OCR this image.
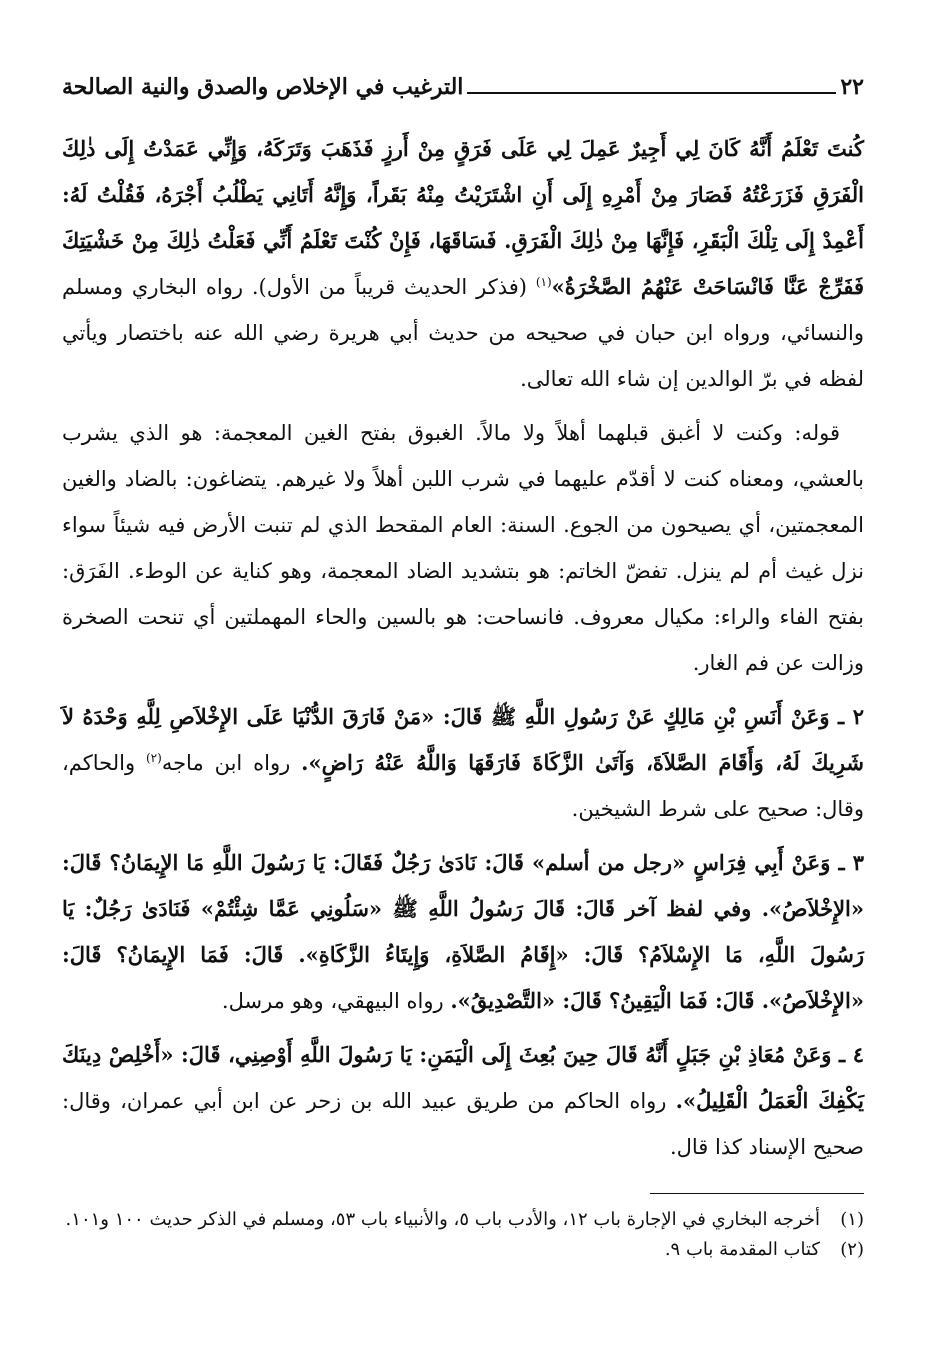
٢٢
الترغيب في الإخلاص والصدق والنية الصالحة

كُنتَ تَعْلَمُ أَنَّهُ كَانَ لِي أَجِيرٌ عَمِلَ لِي عَلَى فَرَقٍ مِنْ أَرزٍ فَذَهَبَ وَتَرَكَهُ، وَإِنِّي عَمَدْتُ إِلَى ذٰلِكَ الْفَرَقِ فَزَرَعْتُهُ فَصَارَ مِنْ أَمْرِهِ إِلَى أَنِ اشْتَرَيْتُ مِنْهُ بَقَراً، وَإِنَّهُ أَتَانِي يَطْلُبُ أَجْرَهُ، فَقُلْتُ لَهُ: أَعْمِدْ إِلَى تِلْكَ الْبَقَرِ، فَإِنَّهَا مِنْ ذٰلِكَ الْفَرَقِ. فَسَاقَهَا، فَإِنْ كُنْتَ تَعْلَمُ أَنِّي فَعَلْتُ ذٰلِكَ مِنْ خَشْيَتِكَ فَفَرِّجْ عَنَّا فَانْسَاحَتْ عَنْهُمُ الصَّخْرَةُ»$^{(١)}$ (فذكر الحديث قريباً من الأول). رواه البخاري ومسلم والنسائي، ورواه ابن حبان في صحيحه من حديث أبي هريرة رضي الله عنه باختصار ويأتي لفظه في برّ الوالدين إن شاء الله تعالى.

قوله: وكنت لا أغبق قبلهما أهلاً ولا مالاً. الغبوق بفتح الغين المعجمة: هو الذي يشرب بالعشي، ومعناه كنت لا أقدّم عليهما في شرب اللبن أهلاً ولا غيرهم. يتضاغون: بالضاد والغين المعجمتين، أي يصيحون من الجوع. السنة: العام المقحط الذي لم تنبت الأرض فيه شيئاً سواء نزل غيث أم لم ينزل. تفضّ الخاتم: هو بتشديد الضاد المعجمة، وهو كناية عن الوطء. الفَرَق: بفتح الفاء والراء: مكيال معروف. فانساحت: هو بالسين والحاء المهملتين أي تنحت الصخرة وزالت عن فم الغار.

٢ ـ وَعَنْ أَنَسِ بْنِ مَالِكٍ عَنْ رَسُولِ اللَّهِ ﷺ قَالَ: «مَنْ فَارَقَ الدُّنْيَا عَلَى الإِخْلاَصِ لِلَّهِ وَحْدَهُ لاَ شَرِيكَ لَهُ، وَأَقَامَ الصَّلاَةَ، وَآتَىٰ الزَّكَاةَ فَارَقَهَا وَاللَّهُ عَنْهُ رَاضٍ». رواه ابن ماجه$^{(٢)}$ والحاكم، وقال: صحيح على شرط الشيخين.

٣ ـ وَعَنْ أَبِي فِرَاسٍ «رجل من أسلم» قَالَ: نَادَىٰ رَجُلٌ فَقَالَ: يَا رَسُولَ اللَّهِ مَا الإِيمَانُ؟ قَالَ: «الإِخْلاَصُ». وفي لفظ آخر قَالَ: قَالَ رَسُولُ اللَّهِ ﷺ «سَلُونِي عَمَّا شِئْتُمْ» فَنَادَىٰ رَجُلٌ: يَا رَسُولَ اللَّهِ، مَا الإِسْلاَمُ؟ قَالَ: «إِقَامُ الصَّلاَةِ، وَإِيتَاءُ الزَّكَاةِ». قَالَ: فَمَا الإِيمَانُ؟ قَالَ: «الإِخْلاَصُ». قَالَ: فَمَا الْيَقِينُ؟ قَالَ: «التَّصْدِيقُ». رواه البيهقي، وهو مرسل.

٤ ـ وَعَنْ مُعَاذِ بْنِ جَبَلٍ أَنَّهُ قَالَ حِينَ بُعِثَ إِلَى الْيَمَنِ: يَا رَسُولَ اللَّهِ أَوْصِنِي، قَالَ: «أَخْلِصْ دِينَكَ يَكْفِكَ الْعَمَلُ الْقَلِيلُ». رواه الحاكم من طريق عبيد الله بن زحر عن ابن أبي عمران، وقال: صحيح الإسناد كذا قال.

(١)
أخرجه البخاري في الإجارة باب ١٢، والأدب باب ٥، والأنبياء باب ٥٣، ومسلم في الذكر حديث ١٠٠ و١٠١.
(٢)
كتاب المقدمة باب ٩.
